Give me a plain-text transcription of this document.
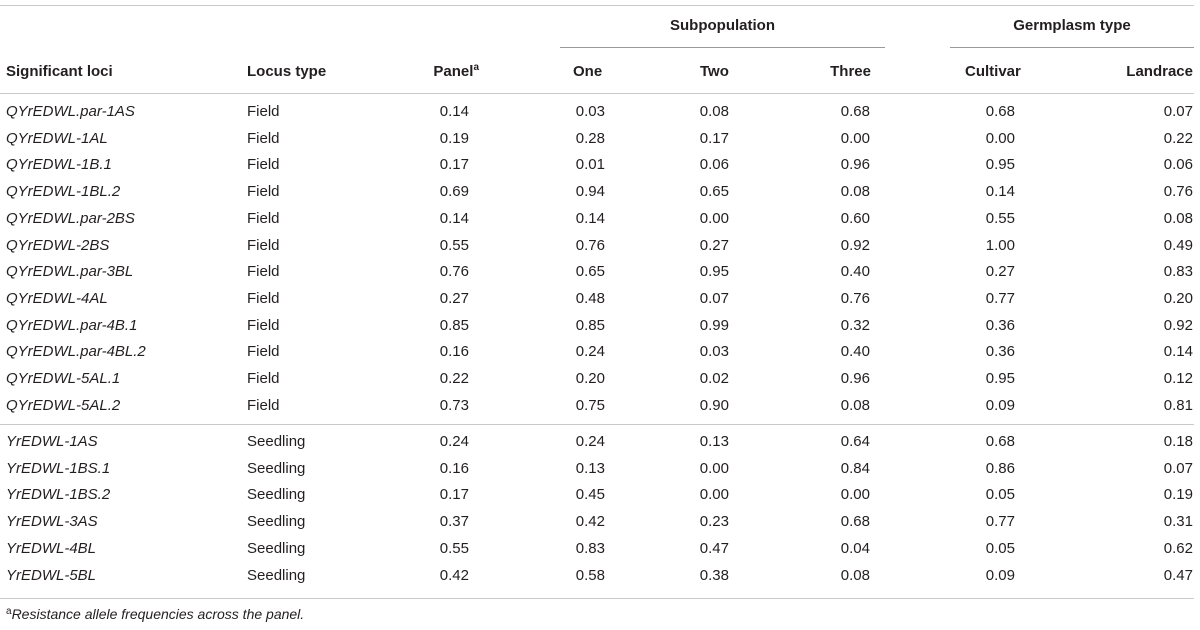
Subpopulation	Germplasm type
Significant loci	Locus type	Panel$^a$	One	Two	Three	Cultivar	Landrace
QYrEDWL.par-1AS	Field	0.14	0.03	0.08	0.68	0.68	0.07
QYrEDWL-1AL	Field	0.19	0.28	0.17	0.00	0.00	0.22
QYrEDWL-1B.1	Field	0.17	0.01	0.06	0.96	0.95	0.06
QYrEDWL-1BL.2	Field	0.69	0.94	0.65	0.08	0.14	0.76
QYrEDWL.par-2BS	Field	0.14	0.14	0.00	0.60	0.55	0.08
QYrEDWL-2BS	Field	0.55	0.76	0.27	0.92	1.00	0.49
QYrEDWL.par-3BL	Field	0.76	0.65	0.95	0.40	0.27	0.83
QYrEDWL-4AL	Field	0.27	0.48	0.07	0.76	0.77	0.20
QYrEDWL.par-4B.1	Field	0.85	0.85	0.99	0.32	0.36	0.92
QYrEDWL.par-4BL.2	Field	0.16	0.24	0.03	0.40	0.36	0.14
QYrEDWL-5AL.1	Field	0.22	0.20	0.02	0.96	0.95	0.12
QYrEDWL-5AL.2	Field	0.73	0.75	0.90	0.08	0.09	0.81
YrEDWL-1AS	Seedling	0.24	0.24	0.13	0.64	0.68	0.18
YrEDWL-1BS.1	Seedling	0.16	0.13	0.00	0.84	0.86	0.07
YrEDWL-1BS.2	Seedling	0.17	0.45	0.00	0.00	0.05	0.19
YrEDWL-3AS	Seedling	0.37	0.42	0.23	0.68	0.77	0.31
YrEDWL-4BL	Seedling	0.55	0.83	0.47	0.04	0.05	0.62
YrEDWL-5BL	Seedling	0.42	0.58	0.38	0.08	0.09	0.47
$^a$Resistance allele frequencies across the panel.
